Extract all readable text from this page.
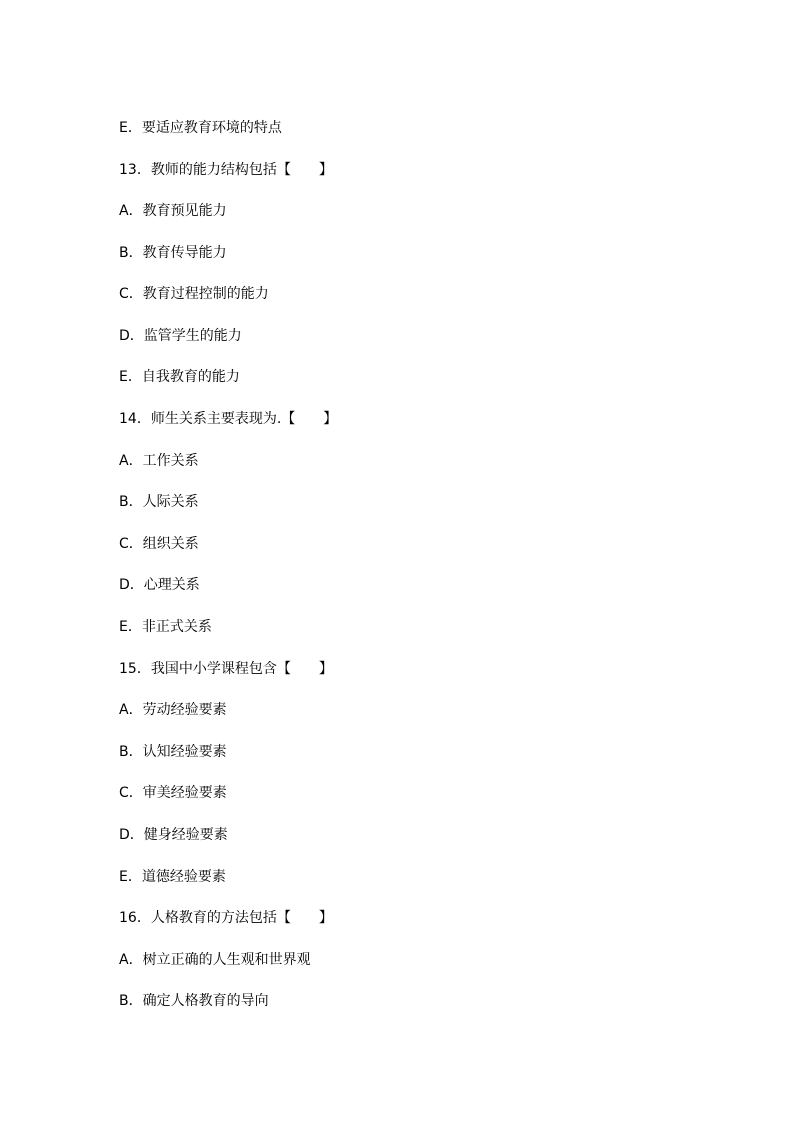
E．要适应教育环境的特点
13．教师的能力结构包括【　　】
A．教育预见能力
B．教育传导能力
C．教育过程控制的能力
D．监管学生的能力
E．自我教育的能力
14．师生关系主要表现为.【　　】
A．工作关系
B．人际关系
C．组织关系
D．心理关系
E．非正式关系
15．我国中小学课程包含【　　】
A．劳动经验要素
B．认知经验要素
C．审美经验要素
D．健身经验要素
E．道德经验要素
16．人格教育的方法包括【　　】
A．树立正确的人生观和世界观
B．确定人格教育的导向
